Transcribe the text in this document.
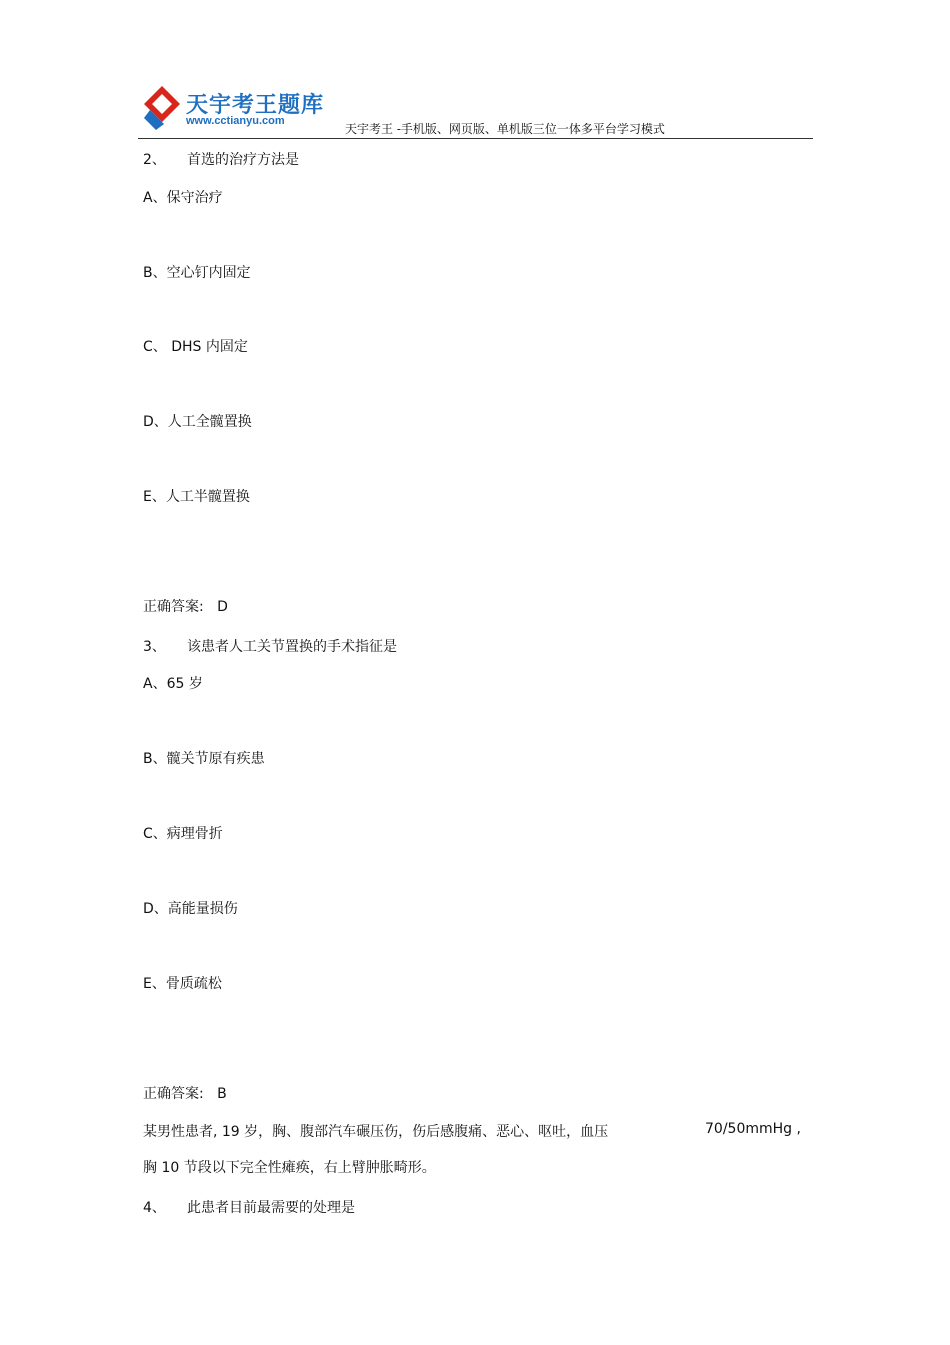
天宇考王题库
www.cctianyu.com
天宇考王 -手机版、网页版、单机版三位一体多平台学习模式
2、 首选的治疗方法是
A、保守治疗
B、空心钉内固定
C、 DHS 内固定
D、人工全髋置换
E、人工半髋置换
正确答案: D
3、 该患者人工关节置换的手术指征是
A、65 岁
B、髋关节原有疾患
C、病理骨折
D、高能量损伤
E、骨质疏松
正确答案: B
某男性患者, 19 岁，胸、腹部汽车碾压伤，伤后感腹痛、恶心、呕吐，血压	70/50mmHg ,
胸 10 节段以下完全性瘫痪，右上臂肿胀畸形。
4、 此患者目前最需要的处理是
